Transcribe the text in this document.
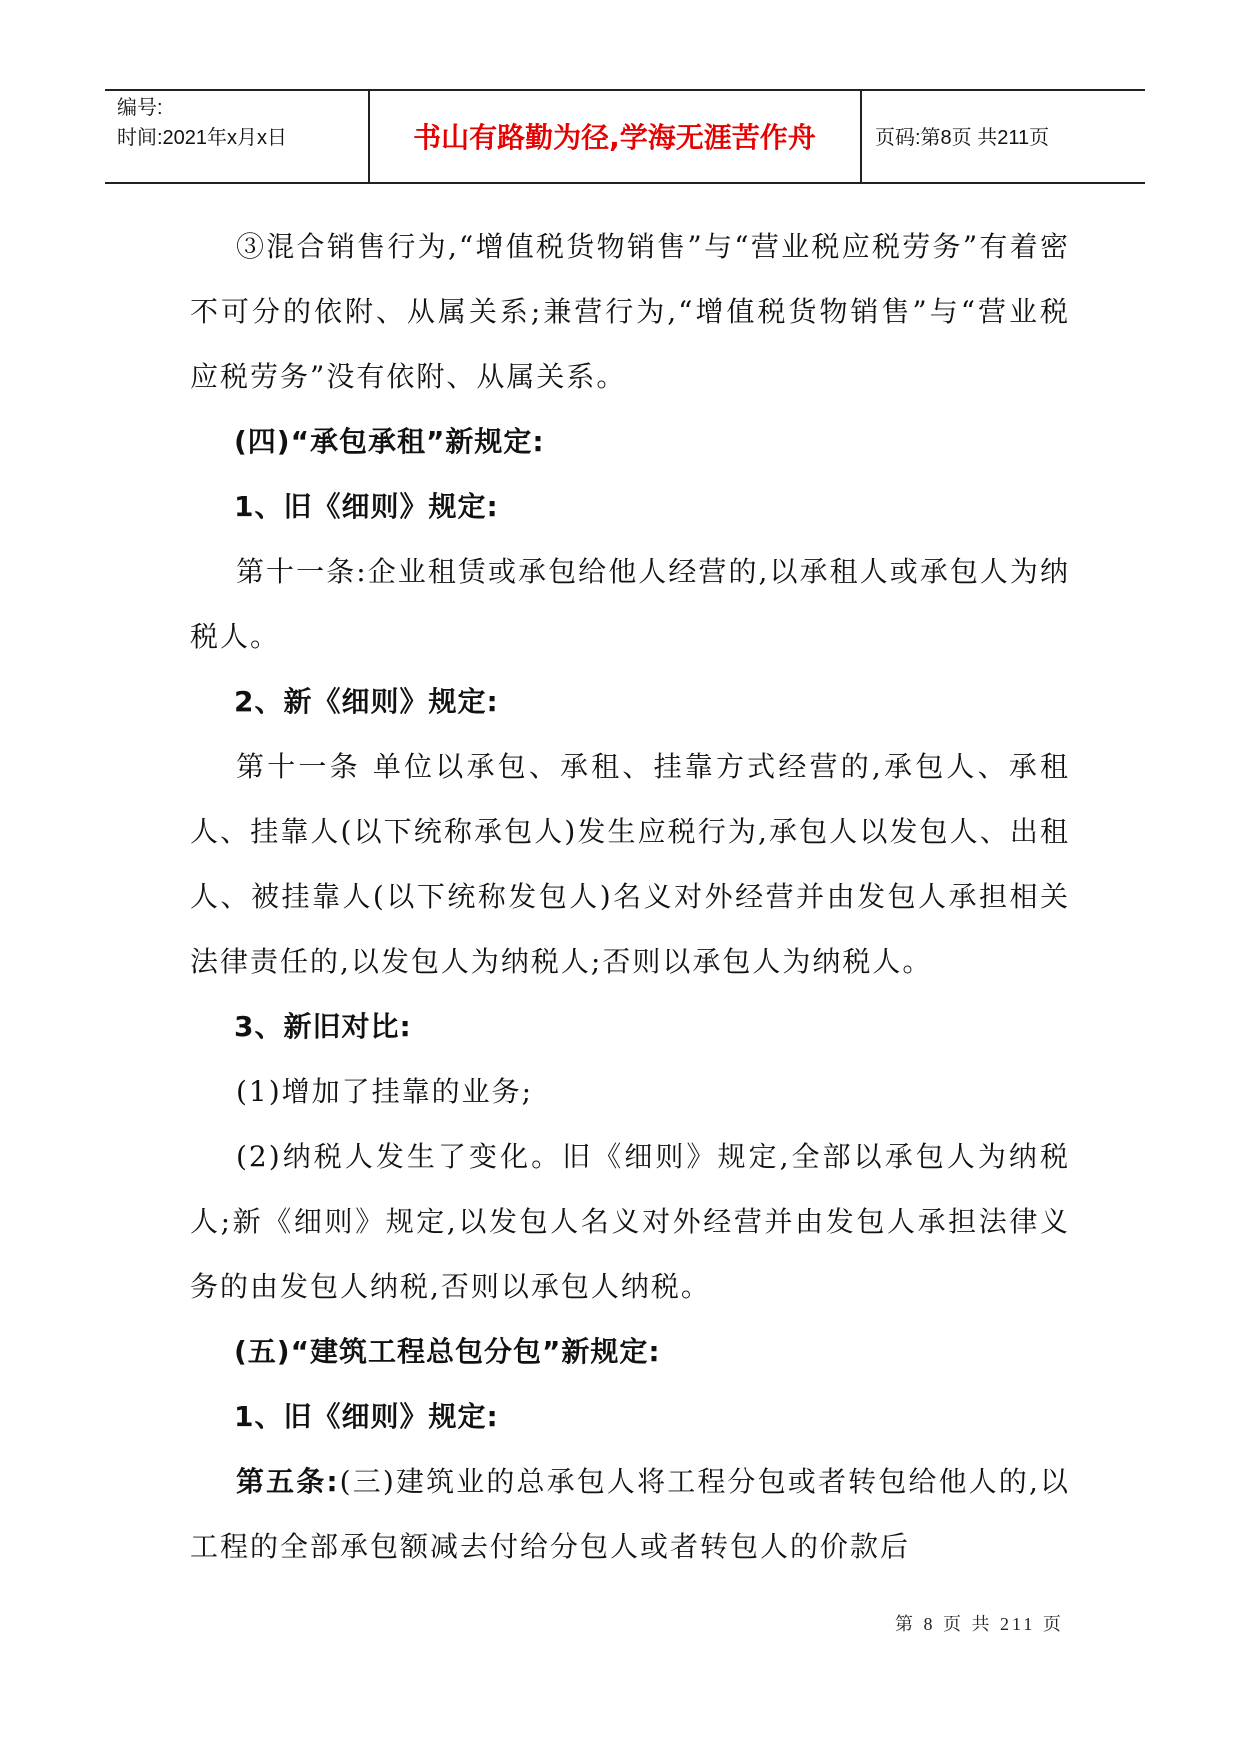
编号:
时间:2021年x月x日	书山有路勤为径,学海无涯苦作舟	页码:第8页 共211页

③混合销售行为,“增值税货物销售”与“营业税应税劳务”有着密不可分的依附、从属关系;兼营行为,“增值税货物销售”与“营业税应税劳务”没有依附、从属关系。

(四)“承包承租”新规定:

1、旧《细则》规定:

第十一条:企业租赁或承包给他人经营的,以承租人或承包人为纳税人。

2、新《细则》规定:

第十一条 单位以承包、承租、挂靠方式经营的,承包人、承租人、挂靠人(以下统称承包人)发生应税行为,承包人以发包人、出租人、被挂靠人(以下统称发包人)名义对外经营并由发包人承担相关法律责任的,以发包人为纳税人;否则以承包人为纳税人。

3、新旧对比:

(1)增加了挂靠的业务;

(2)纳税人发生了变化。旧《细则》规定,全部以承包人为纳税人;新《细则》规定,以发包人名义对外经营并由发包人承担法律义务的由发包人纳税,否则以承包人纳税。

(五)“建筑工程总包分包”新规定:

1、旧《细则》规定:

第五条:(三)建筑业的总承包人将工程分包或者转包给他人的,以工程的全部承包额减去付给分包人或者转包人的价款后

第 8 页 共 211 页
